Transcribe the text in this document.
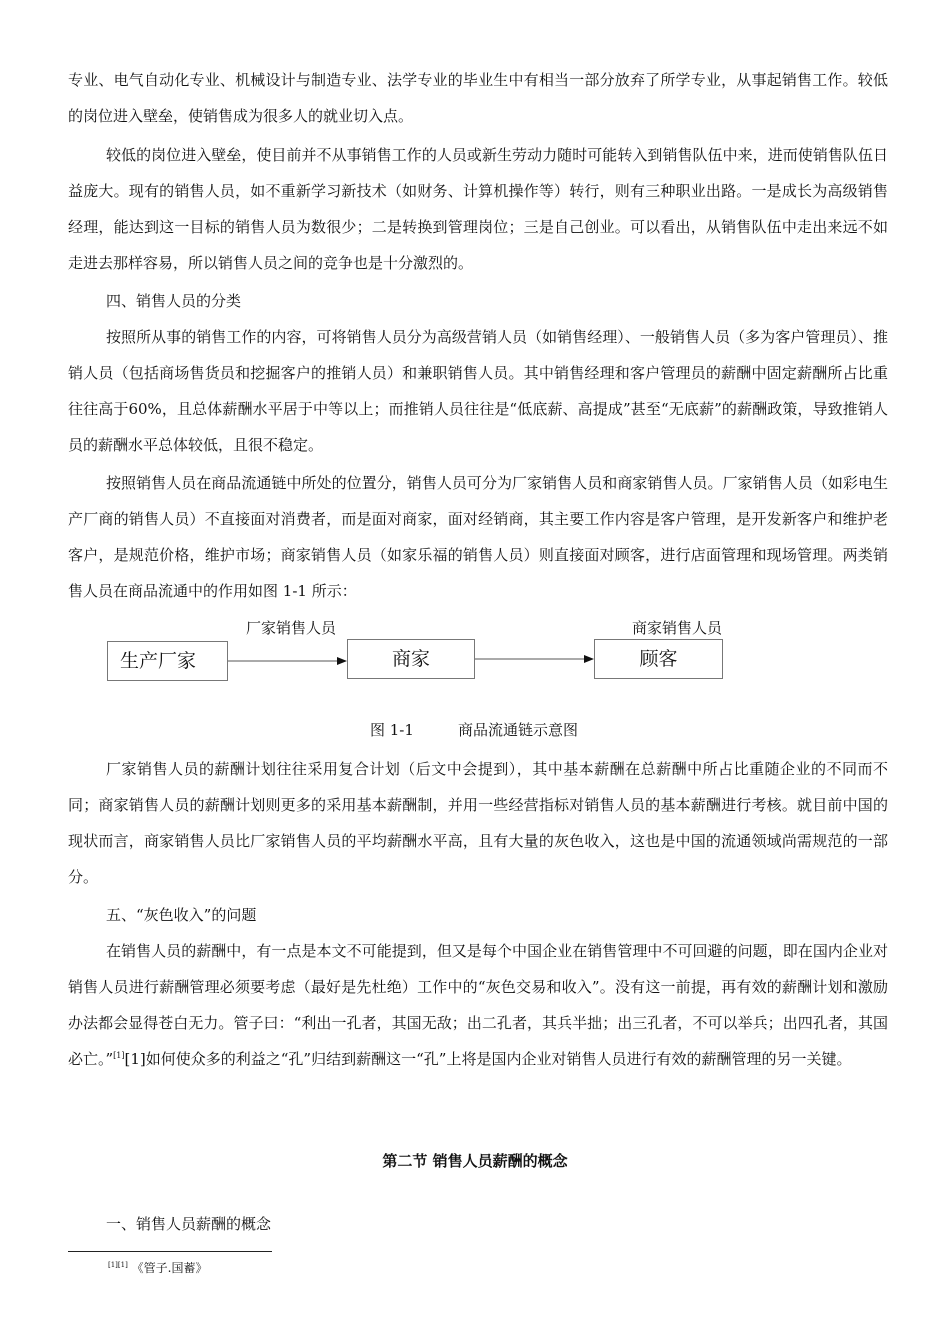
专业、电气自动化专业、机械设计与制造专业、法学专业的毕业生中有相当一部分放弃了所学专业，从事起销售工作。较低的岗位进入壁垒，使销售成为很多人的就业切入点。

较低的岗位进入壁垒，使目前并不从事销售工作的人员或新生劳动力随时可能转入到销售队伍中来，进而使销售队伍日益庞大。现有的销售人员，如不重新学习新技术（如财务、计算机操作等）转行，则有三种职业出路。一是成长为高级销售经理，能达到这一目标的销售人员为数很少；二是转换到管理岗位；三是自己创业。可以看出，从销售队伍中走出来远不如走进去那样容易，所以销售人员之间的竞争也是十分激烈的。

四、销售人员的分类

按照所从事的销售工作的内容，可将销售人员分为高级营销人员（如销售经理）、一般销售人员（多为客户管理员）、推销人员（包括商场售货员和挖掘客户的推销人员）和兼职销售人员。其中销售经理和客户管理员的薪酬中固定薪酬所占比重往往高于60%，且总体薪酬水平居于中等以上；而推销人员往往是“低底薪、高提成”甚至“无底薪”的薪酬政策，导致推销人员的薪酬水平总体较低，且很不稳定。

按照销售人员在商品流通链中所处的位置分，销售人员可分为厂家销售人员和商家销售人员。厂家销售人员（如彩电生产厂商的销售人员）不直接面对消费者，而是面对商家，面对经销商，其主要工作内容是客户管理，是开发新客户和维护老客户，是规范价格，维护市场；商家销售人员（如家乐福的销售人员）则直接面对顾客，进行店面管理和现场管理。两类销售人员在商品流通中的作用如图 1-1 所示：

厂家销售人员	商家销售人员
生产厂家	商家	顾客
图 1-1	商品流通链示意图

厂家销售人员的薪酬计划往往采用复合计划（后文中会提到），其中基本薪酬在总薪酬中所占比重随企业的不同而不同；商家销售人员的薪酬计划则更多的采用基本薪酬制，并用一些经营指标对销售人员的基本薪酬进行考核。就目前中国的现状而言，商家销售人员比厂家销售人员的平均薪酬水平高，且有大量的灰色收入，这也是中国的流通领域尚需规范的一部分。

五、“灰色收入”的问题

在销售人员的薪酬中，有一点是本文不可能提到，但又是每个中国企业在销售管理中不可回避的问题，即在国内企业对销售人员进行薪酬管理必须要考虑（最好是先杜绝）工作中的“灰色交易和收入”。没有这一前提，再有效的薪酬计划和激励办法都会显得苍白无力。管子曰：“利出一孔者，其国无敌；出二孔者，其兵半拙；出三孔者，不可以举兵；出四孔者，其国必亡。”[1][1]如何使众多的利益之“孔”归结到薪酬这一“孔”上将是国内企业对销售人员进行有效的薪酬管理的另一关键。

第二节 销售人员薪酬的概念

一、销售人员薪酬的概念

[1][1] 《管子.国蓄》
